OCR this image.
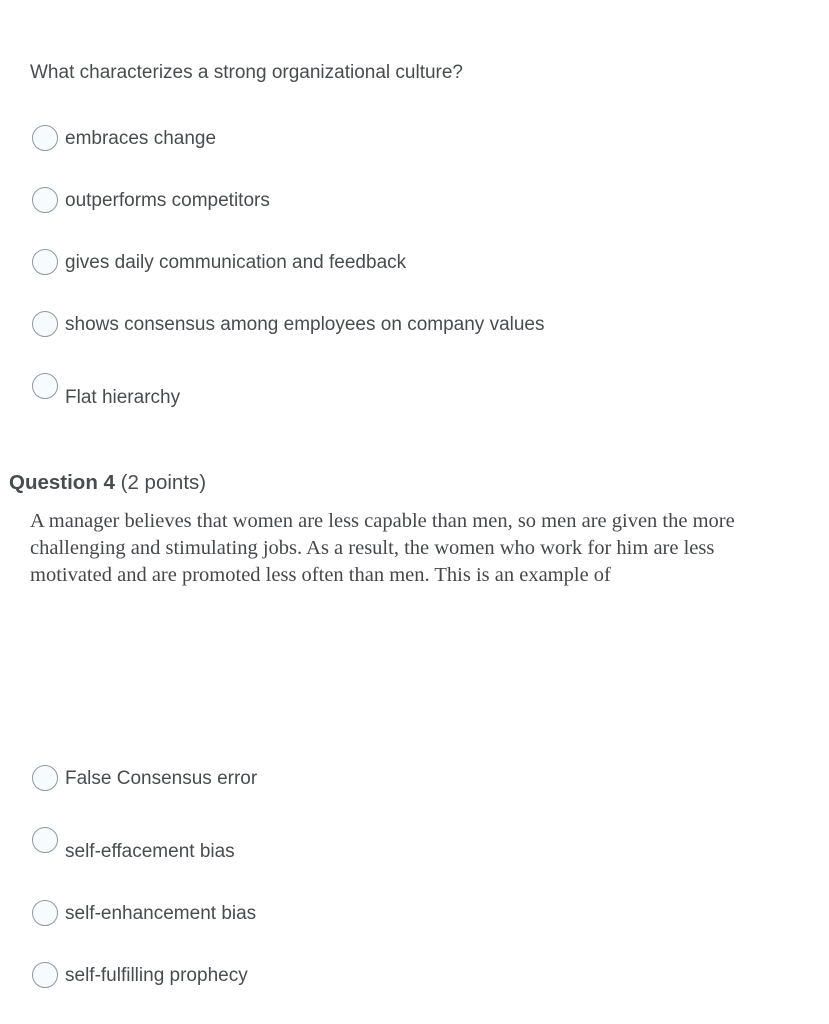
What characterizes a strong organizational culture?
embraces change
outperforms competitors
gives daily communication and feedback
shows consensus among employees on company values
Flat hierarchy
Question 4 (2 points)
A manager believes that women are less capable than men, so men are given the more challenging and stimulating jobs. As a result, the women who work for him are less motivated and are promoted less often than men. This is an example of
False Consensus error
self-effacement bias
self-enhancement bias
self-fulfilling prophecy
